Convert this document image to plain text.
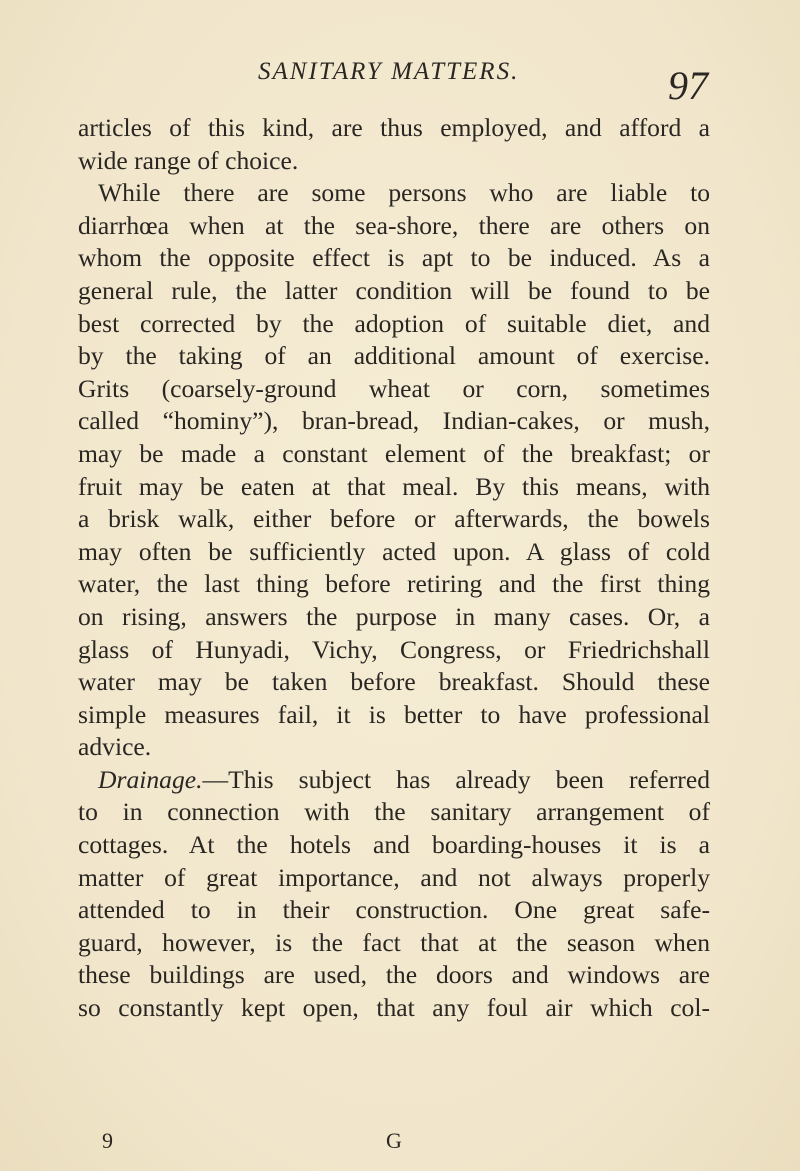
SANITARY MATTERS.	97
articles of this kind, are thus employed, and afford a
wide range of choice.
While there are some persons who are liable to
diarrhœa when at the sea-shore, there are others on
whom the opposite effect is apt to be induced. As a
general rule, the latter condition will be found to be
best corrected by the adoption of suitable diet, and
by the taking of an additional amount of exercise.
Grits (coarsely-ground wheat or corn, sometimes
called “hominy”), bran-bread, Indian-cakes, or mush,
may be made a constant element of the breakfast; or
fruit may be eaten at that meal. By this means, with
a brisk walk, either before or afterwards, the bowels
may often be sufficiently acted upon. A glass of cold
water, the last thing before retiring and the first thing
on rising, answers the purpose in many cases. Or, a
glass of Hunyadi, Vichy, Congress, or Friedrichshall
water may be taken before breakfast. Should these
simple measures fail, it is better to have professional
advice.
Drainage.—This subject has already been referred
to in connection with the sanitary arrangement of
cottages. At the hotels and boarding-houses it is a
matter of great importance, and not always properly
attended to in their construction. One great safe-
guard, however, is the fact that at the season when
these buildings are used, the doors and windows are
so constantly kept open, that any foul air which col-
9	G
